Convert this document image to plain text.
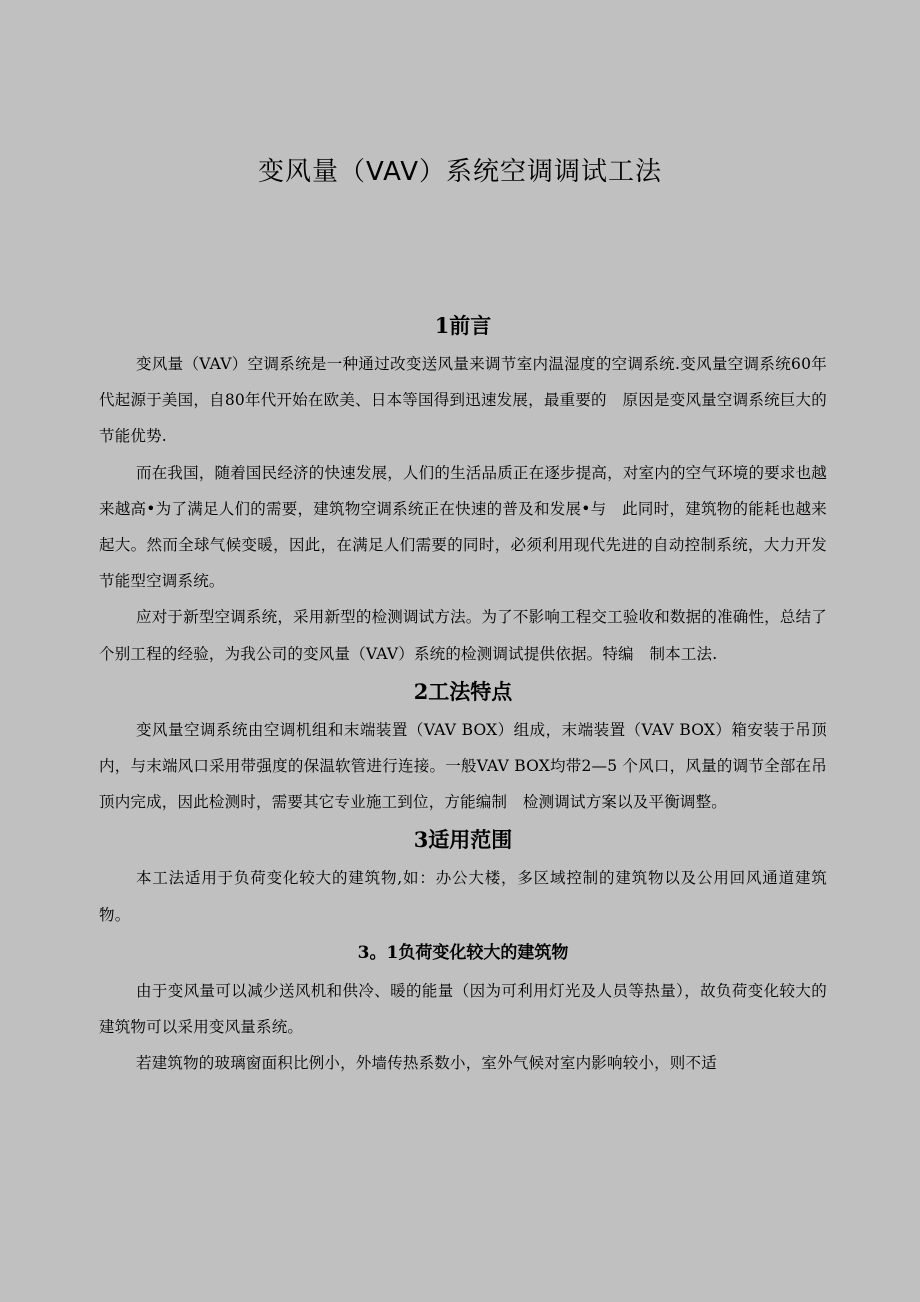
变风量（VAV）系统空调调试工法
1前言

变风量（VAV）空调系统是一种通过改变送风量来调节室内温湿度的空调系统.变风量空调系统60年代起源于美国，自80年代开始在欧美、日本等国得到迅速发展，最重要的　原因是变风量空调系统巨大的节能优势.

而在我国，随着国民经济的快速发展，人们的生活品质正在逐步提高，对室内的空气环境的要求也越来越高•为了满足人们的需要，建筑物空调系统正在快速的普及和发展•与　此同时，建筑物的能耗也越来起大。然而全球气候变暖，因此，在满足人们需要的同时，必须利用现代先进的自动控制系统，大力开发节能型空调系统。

应对于新型空调系统，采用新型的检测调试方法。为了不影响工程交工验收和数据的准确性，总结了个别工程的经验，为我公司的变风量（VAV）系统的检测调试提供依据。特编　制本工法.

2工法特点

变风量空调系统由空调机组和末端装置（VAV BOX）组成，末端装置（VAV BOX）箱安装于吊顶内，与末端风口采用带强度的保温软管进行连接。一般VAV BOX均带2—5 个风口，风量的调节全部在吊顶内完成，因此检测时，需要其它专业施工到位，方能编制　检测调试方案以及平衡调整。

3适用范围

本工法适用于负荷变化较大的建筑物,如：办公大楼，多区域控制的建筑物以及公用回风通道建筑物。

3。1负荷变化较大的建筑物

由于变风量可以减少送风机和供冷、暖的能量（因为可利用灯光及人员等热量），故负荷变化较大的建筑物可以采用变风量系统。

若建筑物的玻璃窗面积比例小，外墙传热系数小，室外气候对室内影响较小，则不适
